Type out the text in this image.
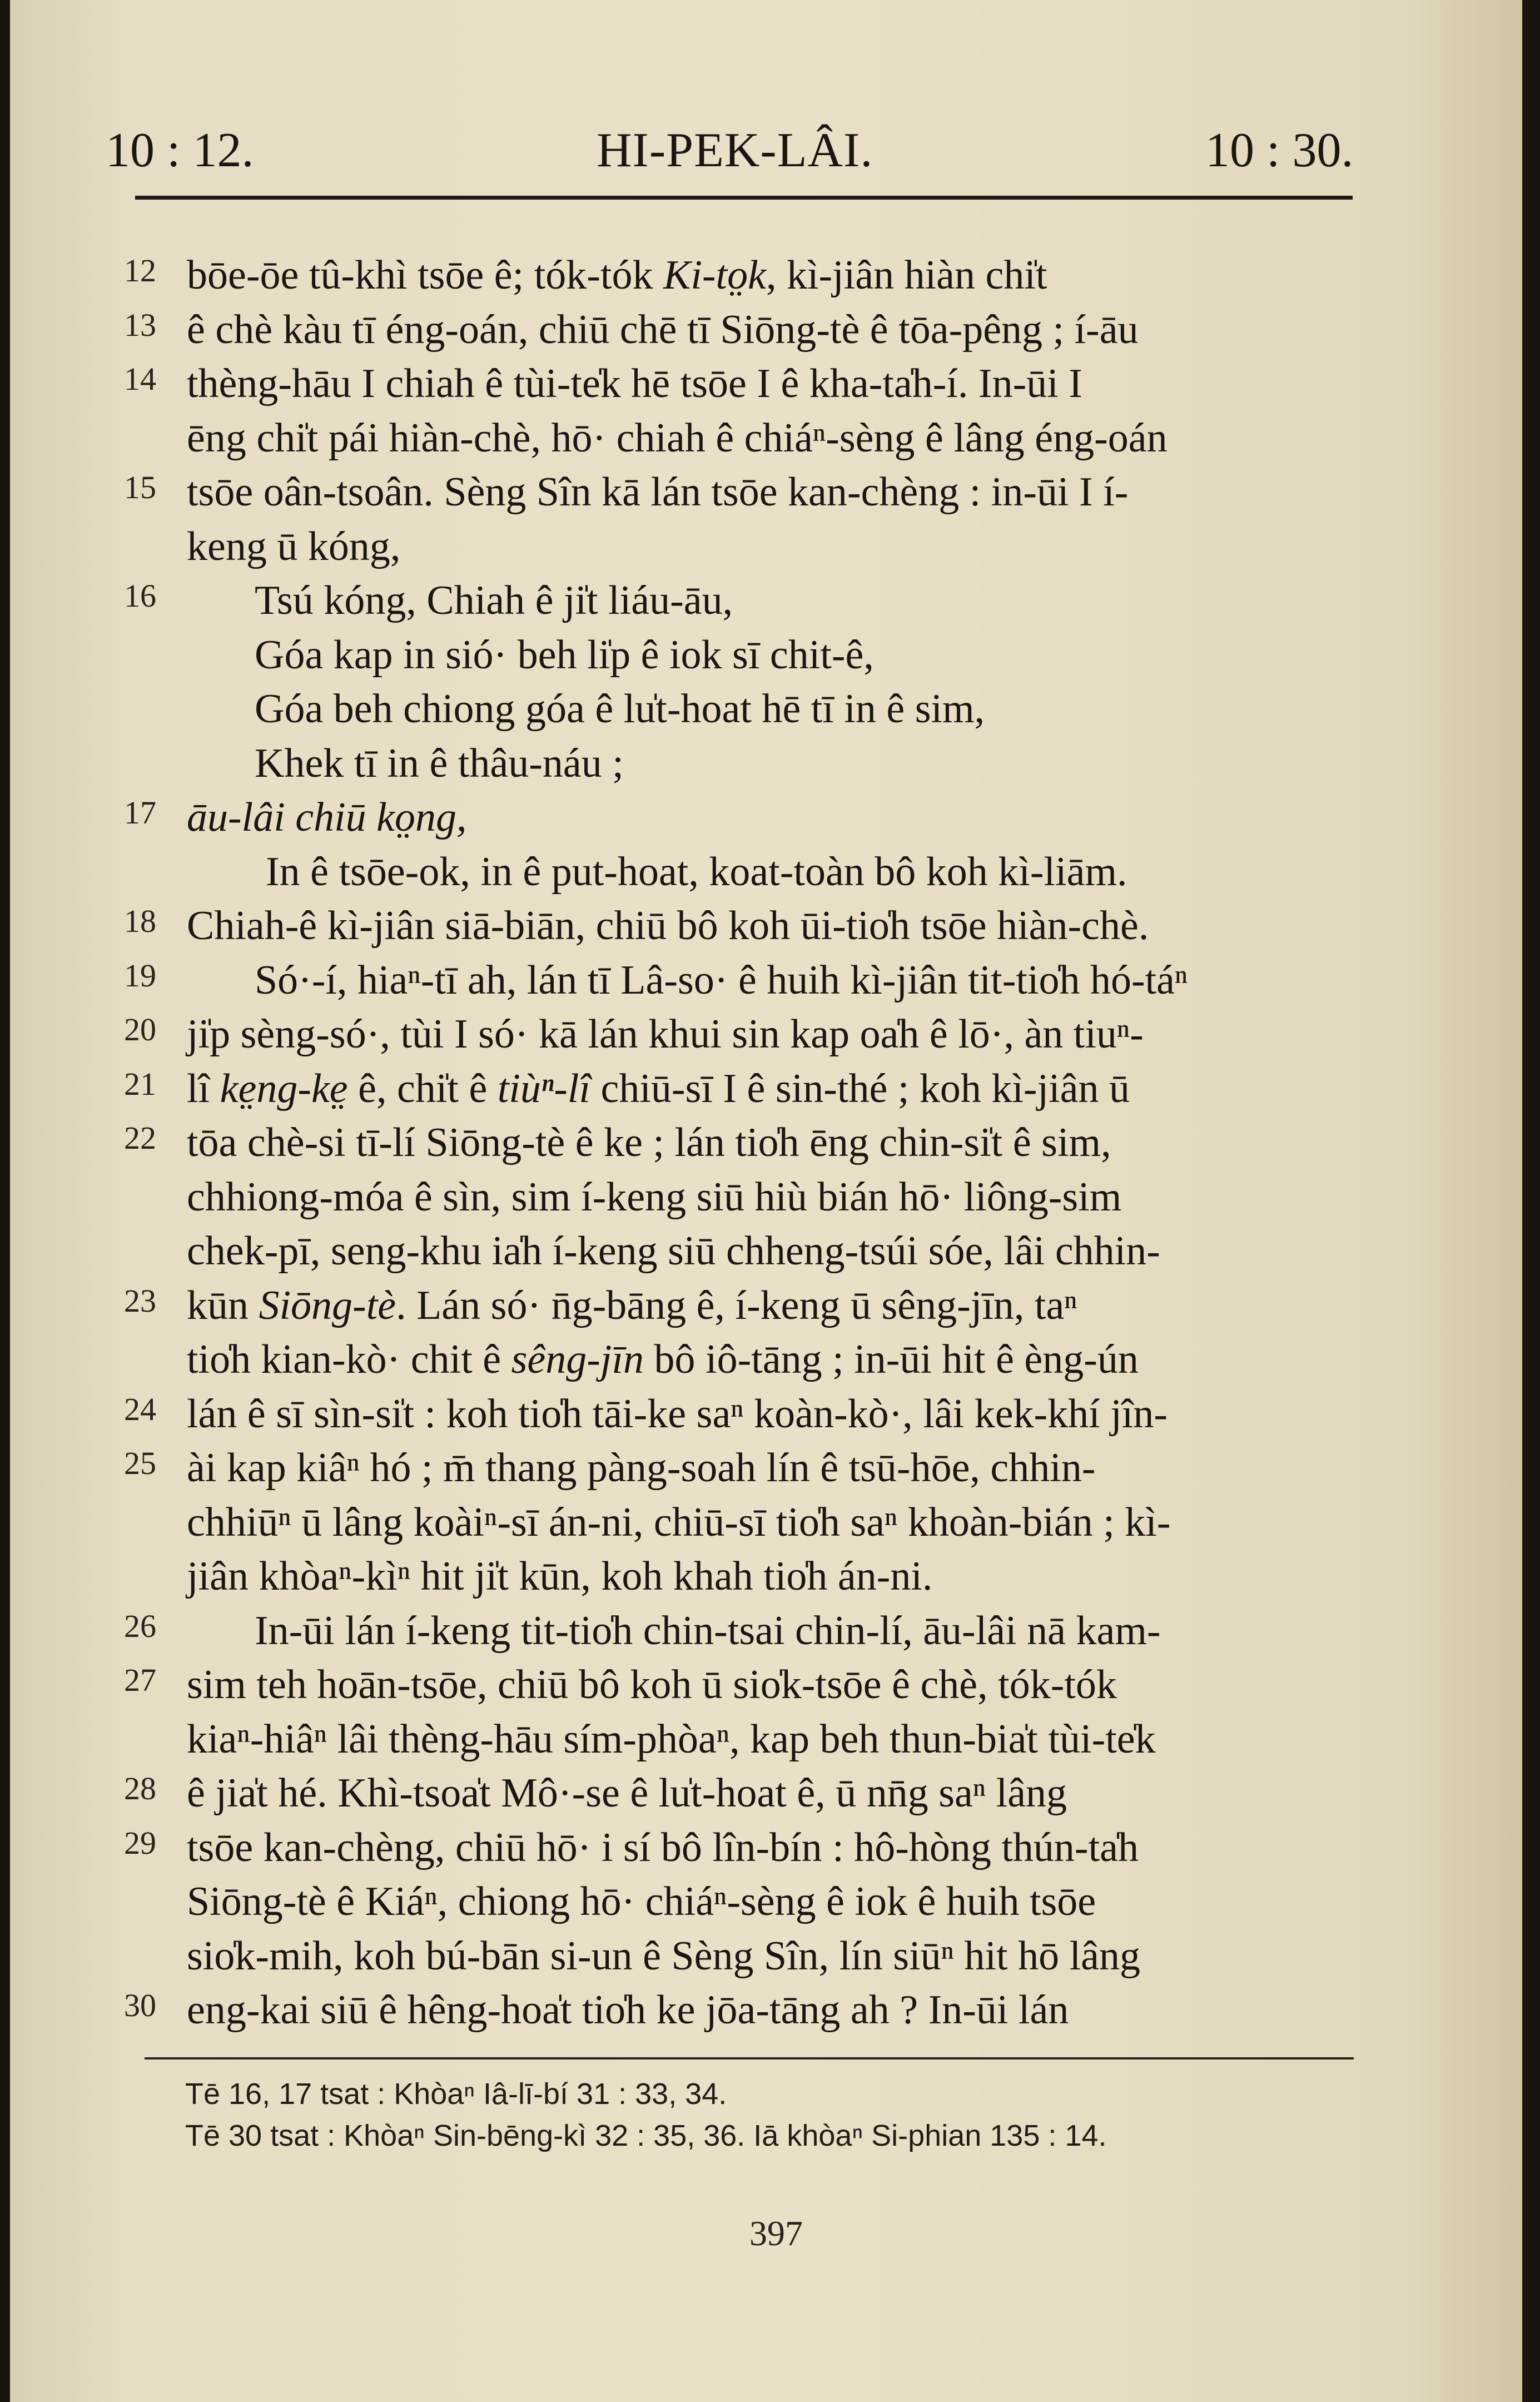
10 : 12.	HI-PEK-LÂI.	10 : 30.
12 bōe-ōe tû-khì tsōe ê; tók-tók Ki-to̤k, kì-jiân hiàn chi̍t
13 ê chè kàu tī éng-oán, chiū chē tī Siōng-tè ê tōa-pêng ; í-āu
14 thèng-hāu I chiah ê tùi-te̍k hē tsōe I ê kha-ta̍h-í. In-ūi I
ēng chi̍t pái hiàn-chè, hō· chiah ê chiáⁿ-sèng ê lâng éng-oán
15 tsōe oân-tsoân. Sèng Sîn kā lán tsōe kan-chèng : in-ūi I í-
keng ū kóng,
16	Tsú kóng, Chiah ê ji̍t liáu-āu,
Góa kap in sió· beh li̍p ê iok sī chit-ê,
Góa beh chiong góa ê lu̍t-hoat hē tī in ê sim,
Khek tī in ê thâu-náu ;
17 āu-lâi chiū ko̤ng,
In ê tsōe-ok, in ê put-hoat, koat-toàn bô koh kì-liām.
18 Chiah-ê kì-jiân siā-biān, chiū bô koh ūi-tio̍h tsōe hiàn-chè.
19	Só·-í, hiaⁿ-tī ah, lán tī Lâ-so· ê huih kì-jiân tit-tio̍h hó-táⁿ
20 ji̍p sèng-só·, tùi I só· kā lán khui sin kap oa̍h ê lō·, àn tiuⁿ-
21 lî ke̤ng-ke̤ ê, chi̍t ê tiùⁿ-lî chiū-sī I ê sin-thé ; koh kì-jiân ū
22 tōa chè-si tī-lí Siōng-tè ê ke ; lán tio̍h ēng chin-si̍t ê sim,
chhiong-móa ê sìn, sim í-keng siū hiù bián hō· liông-sim
chek-pī, seng-khu ia̍h í-keng siū chheng-tsúi sóe, lâi chhin-
23 kūn Siōng-tè. Lán só· n̄g-bāng ê, í-keng ū sêng-jīn, taⁿ
tio̍h kian-kò· chit ê sêng-jīn bô iô-tāng ; in-ūi hit ê èng-ún
24 lán ê sī sìn-si̍t : koh tio̍h tāi-ke saⁿ koàn-kò·, lâi kek-khí jîn-
25 ài kap kiâⁿ hó ; m̄ thang pàng-soah lín ê tsū-hōe, chhin-
chhiūⁿ ū lâng koàiⁿ-sī án-ni, chiū-sī tio̍h saⁿ khoàn-bián ; kì-
jiân khòaⁿ-kìⁿ hit ji̍t kūn, koh khah tio̍h án-ni.
26	In-ūi lán í-keng tit-tio̍h chin-tsai chin-lí, āu-lâi nā kam-
27 sim teh hoān-tsōe, chiū bô koh ū sio̍k-tsōe ê chè, tók-tók
kiaⁿ-hiâⁿ lâi thèng-hāu sím-phòaⁿ, kap beh thun-bia̍t tùi-te̍k
28 ê jia̍t hé. Khì-tsoa̍t Mô·-se ê lu̍t-hoat ê, ū nn̄g saⁿ lâng
29 tsōe kan-chèng, chiū hō· i sí bô lîn-bín : hô-hòng thún-ta̍h
Siōng-tè ê Kiáⁿ, chiong hō· chiáⁿ-sèng ê iok ê huih tsōe
sio̍k-mih, koh bú-bān si-un ê Sèng Sîn, lín siūⁿ hit hō lâng
30 eng-kai siū ê hêng-hoa̍t tio̍h ke jōa-tāng ah ? In-ūi lán
Tē 16, 17 tsat : Khòaⁿ Iâ-lī-bí 31 : 33, 34.
Tē 30 tsat : Khòaⁿ Sin-bēng-kì 32 : 35, 36. Iā khòaⁿ Si-phian 135 : 14.
397
